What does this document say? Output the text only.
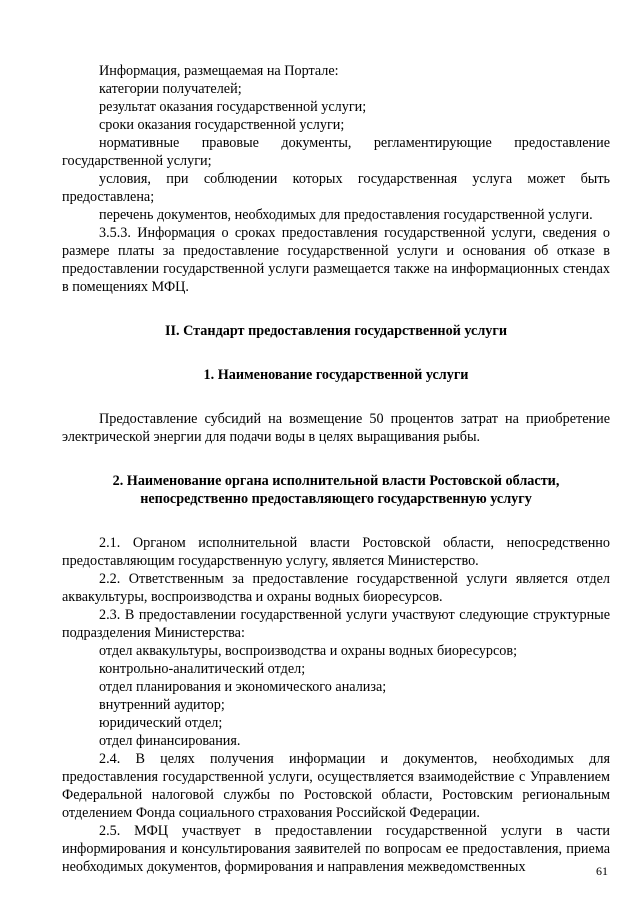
Информация, размещаемая на Портале:

категории получателей;

результат оказания государственной услуги;

сроки оказания государственной услуги;

нормативные правовые документы, регламентирующие предоставление государственной услуги;

условия, при соблюдении которых государственная услуга может быть предоставлена;

перечень документов, необходимых для предоставления государственной услуги.

3.5.3. Информация о сроках предоставления государственной услуги, сведения о размере платы за предоставление государственной услуги и основания об отказе в предоставлении государственной услуги размещается также на информационных стендах в помещениях МФЦ.

II. Стандарт предоставления государственной услуги
1. Наименование государственной услуги

Предоставление субсидий на возмещение 50 процентов затрат на приобретение электрической энергии для подачи воды в целях выращивания рыбы.

2. Наименование органа исполнительной власти Ростовской области,
непосредственно предоставляющего государственную услугу

2.1. Органом исполнительной власти Ростовской области, непосредственно предоставляющим государственную услугу, является Министерство.

2.2. Ответственным за предоставление государственной услуги является отдел аквакультуры, воспроизводства и охраны водных биоресурсов.

2.3. В предоставлении государственной услуги участвуют следующие структурные подразделения Министерства:

отдел аквакультуры, воспроизводства и охраны водных биоресурсов;

контрольно-аналитический отдел;

отдел планирования и экономического анализа;

внутренний аудитор;

юридический отдел;

отдел финансирования.

2.4. В целях получения информации и документов, необходимых для предоставления государственной услуги, осуществляется взаимодействие с Управлением Федеральной налоговой службы по Ростовской области, Ростовским региональным отделением Фонда социального страхования Российской Федерации.

2.5. МФЦ участвует в предоставлении государственной услуги в части информирования и консультирования заявителей по вопросам ее предоставления, приема необходимых документов, формирования и направления межведомственных	61
